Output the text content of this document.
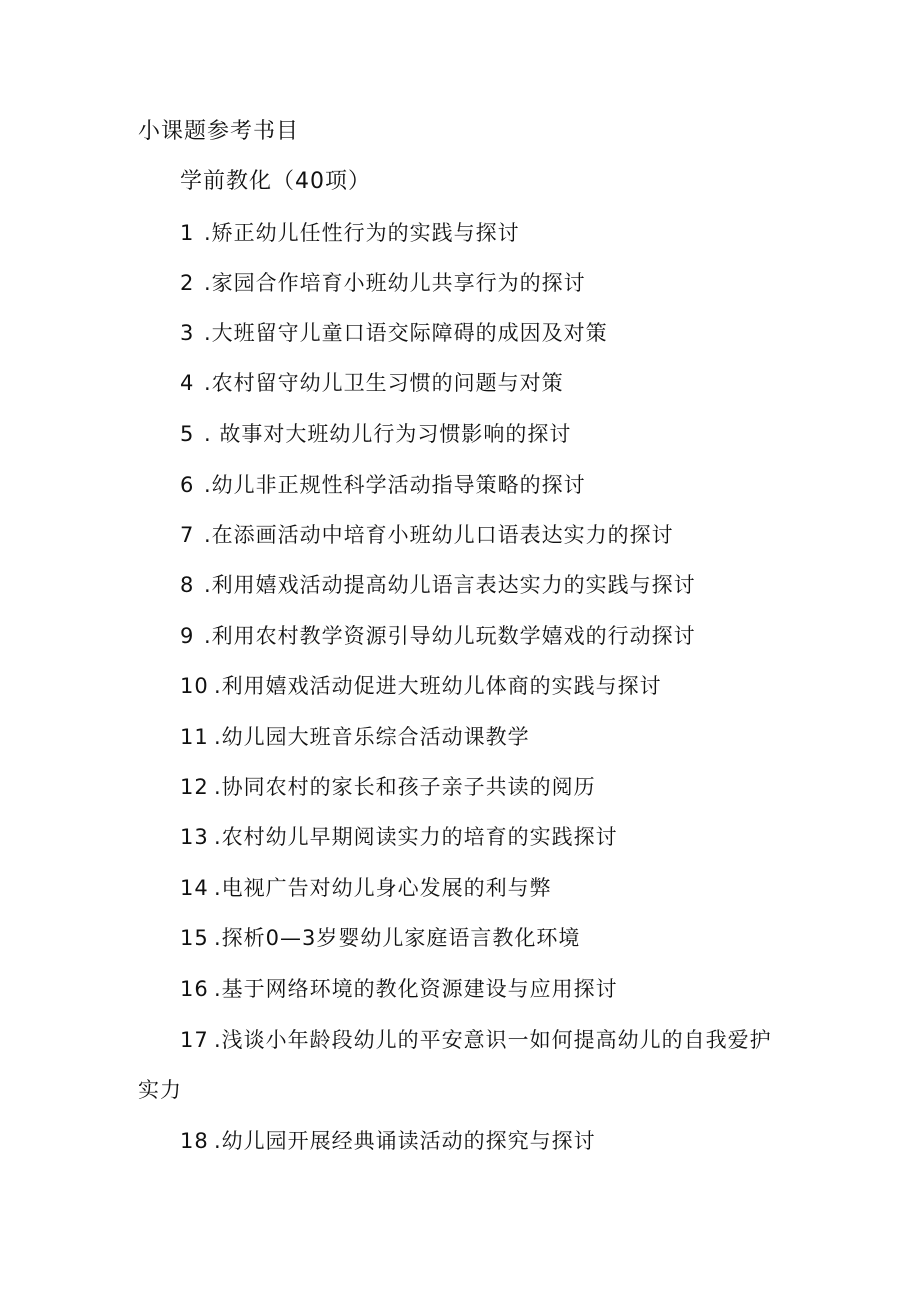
小课题参考书目
学前教化（40项）
1 .矫正幼儿任性行为的实践与探讨
2 .家园合作培育小班幼儿共享行为的探讨
3 .大班留守儿童口语交际障碍的成因及对策
4 .农村留守幼儿卫生习惯的问题与对策
5 . 故事对大班幼儿行为习惯影响的探讨
6 .幼儿非正规性科学活动指导策略的探讨
7 .在添画活动中培育小班幼儿口语表达实力的探讨
8 .利用嬉戏活动提高幼儿语言表达实力的实践与探讨
9 .利用农村教学资源引导幼儿玩数学嬉戏的行动探讨
10 .利用嬉戏活动促进大班幼儿体商的实践与探讨
11 .幼儿园大班音乐综合活动课教学
12 .协同农村的家长和孩子亲子共读的阅历
13 .农村幼儿早期阅读实力的培育的实践探讨
14 .电视广告对幼儿身心发展的利与弊
15 .探析0—3岁婴幼儿家庭语言教化环境
16 .基于网络环境的教化资源建设与应用探讨
17 .浅谈小年龄段幼儿的平安意识一如何提高幼儿的自我爱护
实力
18 .幼儿园开展经典诵读活动的探究与探讨
